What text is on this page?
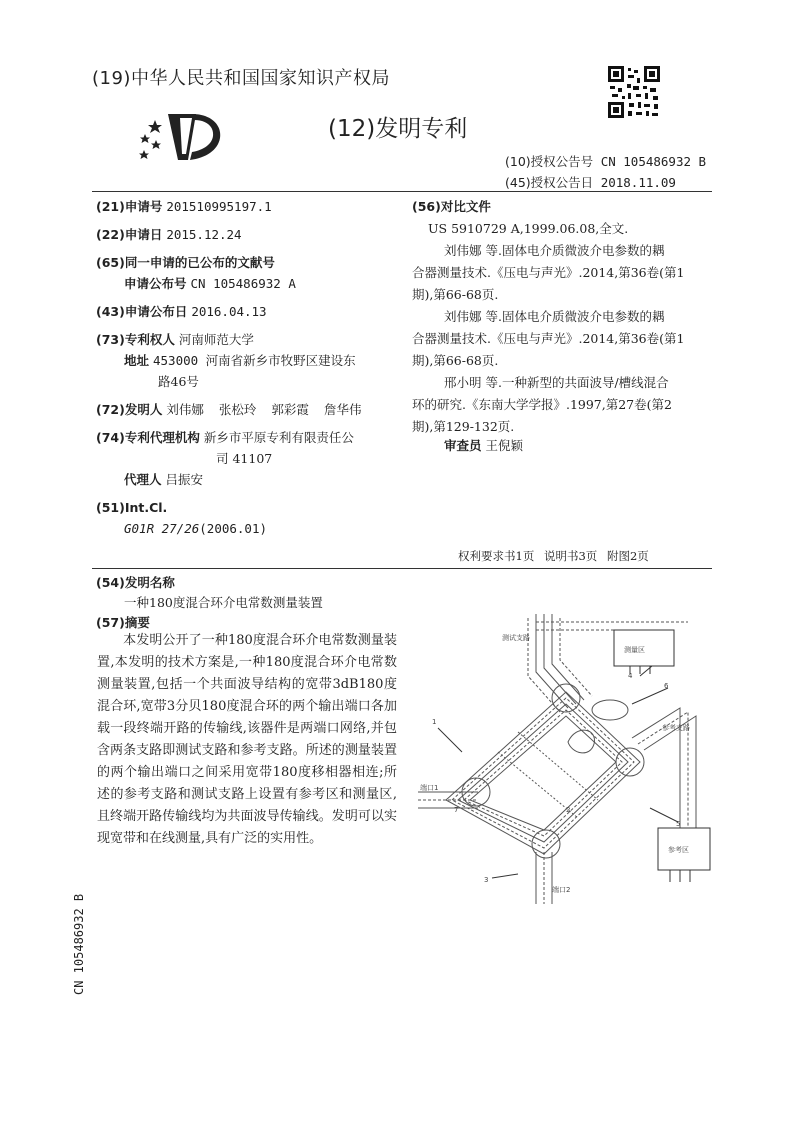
(19)中华人民共和国国家知识产权局
(12)发明专利
(10)授权公告号 CN 105486932 B
(45)授权公告日 2018.11.09
(21)申请号 201510995197.1
(22)申请日 2015.12.24
(65)同一申请的已公布的文献号
申请公布号 CN 105486932 A
(43)申请公布日 2016.04.13
(73)专利权人 河南师范大学
地址 453000 河南省新乡市牧野区建设东
路46号
(72)发明人 刘伟娜  张松玲  郭彩霞  詹华伟
(74)专利代理机构 新乡市平原专利有限责任公
司 41107
代理人 吕振安
(51)Int.Cl.
G01R 27/26(2006.01)
(56)对比文件
US 5910729 A,1999.06.08,全文.
刘伟娜 等.固体电介质微波介电参数的耦
合器测量技术.《压电与声光》.2014,第36卷(第1
期),第66-68页.
刘伟娜 等.固体电介质微波介电参数的耦
合器测量技术.《压电与声光》.2014,第36卷(第1
期),第66-68页.
邢小明 等.一种新型的共面波导/槽线混合
环的研究.《东南大学学报》.1997,第27卷(第2
期),第129-132页.
审查员 王倪颖
权利要求书1页 说明书3页 附图2页
(54)发明名称
一种180度混合环介电常数测量装置
(57)摘要
本发明公开了一种180度混合环介电常数测量装置,本发明的技术方案是,一种180度混合环介电常数测量装置,包括一个共面波导结构的宽带3dB180度混合环,宽带3分贝180度混合环的两个输出端口各加载一段终端开路的传输线,该器件是两端口网络,并包含两条支路即测试支路和参考支路。所述的测量装置的两个输出端口之间采用宽带180度移相器相连;所述的参考支路和测试支路上设置有参考区和测量区,且终端开路传输线均为共面波导传输线。发明可以实现宽带和在线测量,具有广泛的实用性。
测量区
参考区
测试支路
参考支路
端口1
端口2
1
2
3
4
5
6
7
CN 105486932 B
